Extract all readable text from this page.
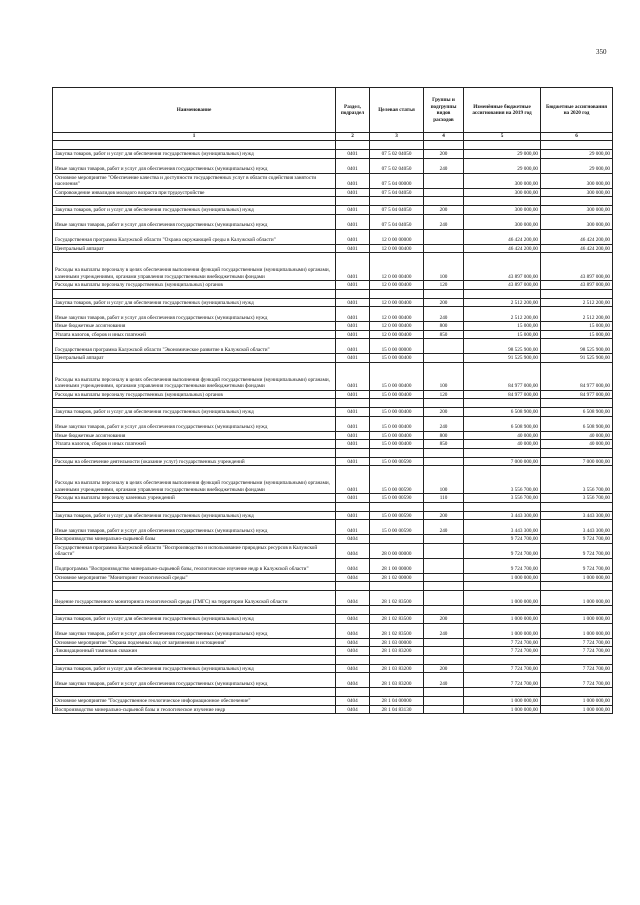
350
Наименование	Раздел, подраздел	Целевая статья	Группы и подгруппы видов расходов	Изменённые бюджетные ассигнования на 2019 год	Бюджетные ассигнования на 2020 год
1	2	3	4	5	6

Закупка товаров, работ и услуг для обеспечения государственных (муниципальных) нужд	0401	07 5 02 04050	200	29 000,00	29 000,00
Иные закупки товаров, работ и услуг для обеспечения государственных (муниципальных) нужд	0401	07 5 02 04050	240	29 000,00	29 000,00
Основное мероприятие "Обеспечение качества и доступности государственных услуг в области содействия занятости населения"	0401	07 5 04 00000		300 000,00	300 000,00
Сопровождение инвалидов молодого возраста при трудоустройстве	0401	07 5 04 04050		300 000,00	300 000,00

Закупка товаров, работ и услуг для обеспечения государственных (муниципальных) нужд	0401	07 5 04 04050	200	300 000,00	300 000,00
Иные закупки товаров, работ и услуг для обеспечения государственных (муниципальных) нужд	0401	07 5 04 04050	240	300 000,00	300 000,00
Государственная программа Калужской области "Охрана окружающей среды в Калужской области"	0401	12 0 00 00000		46 424 200,00	46 424 200,00
Центральный аппарат	0401	12 0 00 00400		46 424 200,00	46 424 200,00
Расходы на выплаты персоналу в целях обеспечения выполнения функций государственными (муниципальными) органами, казенными учреждениями, органами управления государственными внебюджетными фондами	0401	12 0 00 00400	100	43 897 000,00	43 897 000,00
Расходы на выплаты персоналу государственных (муниципальных) органов	0401	12 0 00 00400	120	43 897 000,00	43 897 000,00

Закупка товаров, работ и услуг для обеспечения государственных (муниципальных) нужд	0401	12 0 00 00400	200	2 512 200,00	2 512 200,00
Иные закупки товаров, работ и услуг для обеспечения государственных (муниципальных) нужд	0401	12 0 00 00400	240	2 512 200,00	2 512 200,00
Иные бюджетные ассигнования	0401	12 0 00 00400	800	15 000,00	15 000,00
Уплата налогов, сборов и иных платежей	0401	12 0 00 00400	850	15 000,00	15 000,00
Государственная программа Калужской области "Экономическое развитие в Калужской области"	0401	15 0 00 00000		98 525 900,00	98 525 900,00
Центральный аппарат	0401	15 0 00 00400		91 525 900,00	91 525 900,00
Расходы на выплаты персоналу в целях обеспечения выполнения функций государственными (муниципальными) органами, казенными учреждениями, органами управления государственными внебюджетными фондами	0401	15 0 00 00400	100	84 977 000,00	84 977 000,00
Расходы на выплаты персоналу государственных (муниципальных) органов	0401	15 0 00 00400	120	84 977 000,00	84 977 000,00

Закупка товаров, работ и услуг для обеспечения государственных (муниципальных) нужд	0401	15 0 00 00400	200	6 508 900,00	6 508 900,00
Иные закупки товаров, работ и услуг для обеспечения государственных (муниципальных) нужд	0401	15 0 00 00400	240	6 508 900,00	6 508 900,00
Иные бюджетные ассигнования	0401	15 0 00 00400	800	40 000,00	40 000,00
Уплата налогов, сборов и иных платежей	0401	15 0 00 00400	850	40 000,00	40 000,00

Расходы на обеспечение деятельности (оказание услуг) государственных учреждений	0401	15 0 00 00590		7 000 000,00	7 000 000,00
Расходы на выплаты персоналу в целях обеспечения выполнения функций государственными (муниципальными) органами, казенными учреждениями, органами управления государственными внебюджетными фондами	0401	15 0 00 00590	100	3 556 700,00	3 556 700,00
Расходы на выплаты персоналу казенных учреждений	0401	15 0 00 00590	110	3 556 700,00	3 556 700,00

Закупка товаров, работ и услуг для обеспечения государственных (муниципальных) нужд	0401	15 0 00 00590	200	3 443 300,00	3 443 300,00
Иные закупки товаров, работ и услуг для обеспечения государственных (муниципальных) нужд	0401	15 0 00 00590	240	3 443 300,00	3 443 300,00
Воспроизводство минерально-сырьевой базы	0404			9 724 700,00	9 724 700,00
Государственная программа Калужской области "Воспроизводство и использование природных ресурсов в Калужской области"	0404	28 0 00 00000		9 724 700,00	9 724 700,00
Подпрограмма "Воспроизводство минерально-сырьевой базы, геологическое изучение недр в Калужской области"	0404	28 1 00 00000		9 724 700,00	9 724 700,00
Основное мероприятие "Мониторинг геологической среды"	0404	28 1 02 00000		1 000 000,00	1 000 000,00

Ведение государственного мониторинга геологической среды (ГМГС) на территории Калужской области	0404	28 1 02 83500		1 000 000,00	1 000 000,00

Закупка товаров, работ и услуг для обеспечения государственных (муниципальных) нужд	0404	28 1 02 83500	200	1 000 000,00	1 000 000,00
Иные закупки товаров, работ и услуг для обеспечения государственных (муниципальных) нужд	0404	28 1 02 83500	240	1 000 000,00	1 000 000,00
Основное мероприятие "Охрана подземных вод от загрязнения и истощения"	0404	28 1 03 00000		7 724 700,00	7 724 700,00
Ликвидационный тампонаж скважин	0404	28 1 03 83200		7 724 700,00	7 724 700,00

Закупка товаров, работ и услуг для обеспечения государственных (муниципальных) нужд	0404	28 1 03 83200	200	7 724 700,00	7 724 700,00
Иные закупки товаров, работ и услуг для обеспечения государственных (муниципальных) нужд	0404	28 1 03 83200	240	7 724 700,00	7 724 700,00

Основное мероприятие "Государственное геологическое информационное обеспечение"	0404	28 1 04 00000		1 000 000,00	1 000 000,00
Воспроизводство минерально-сырьевой базы и геологическое изучение недр	0404	28 1 04 83130		1 000 000,00	1 000 000,00
